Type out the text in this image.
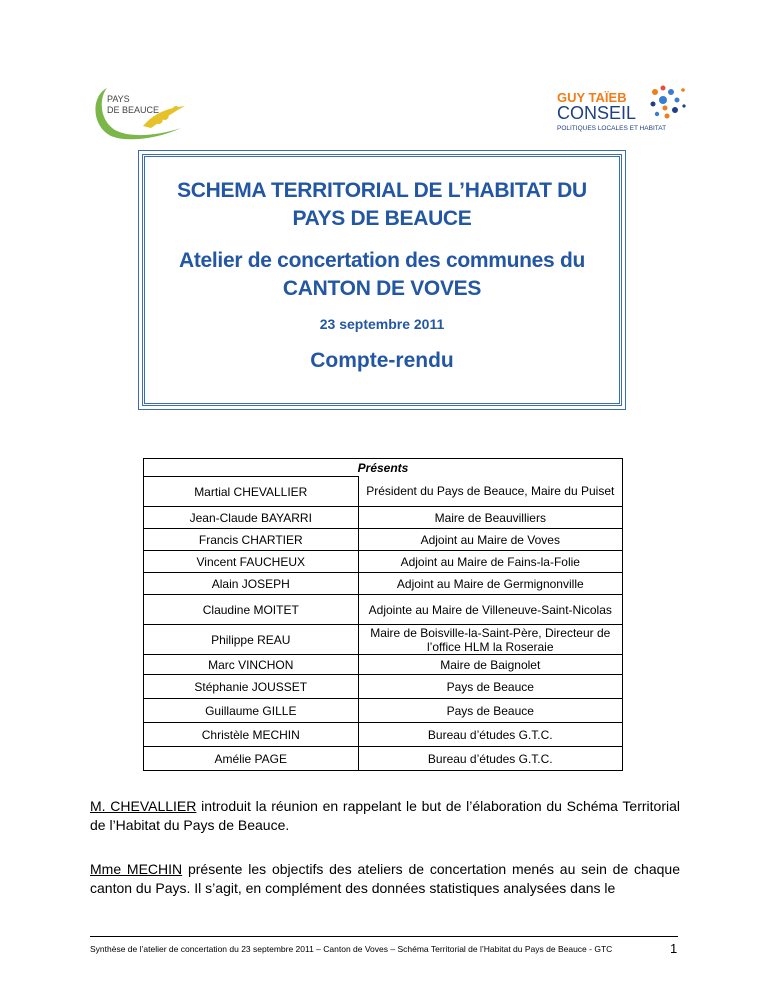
PAYS
DE BEAUCE
GUY TAÏEB
CONSEIL
POLITIQUES LOCALES ET HABITAT
SCHEMA TERRITORIAL DE L’HABITAT DU
PAYS DE BEAUCE
Atelier de concertation des communes du
CANTON DE VOVES
23 septembre 2011
Compte-rendu
Présents	
Martial CHEVALLIER	Président du Pays de Beauce, Maire du Puiset
Jean-Claude BAYARRI	Maire de Beauvilliers
Francis CHARTIER	Adjoint au Maire de Voves
Vincent FAUCHEUX	Adjoint au Maire de Fains-la-Folie
Alain JOSEPH	Adjoint au Maire de Germignonville
Claudine MOITET	Adjointe au Maire de Villeneuve-Saint-Nicolas
Philippe REAU	Maire de Boisville-la-Saint-Père, Directeur de l’office HLM la Roseraie
Marc VINCHON	Maire de Baignolet
Stéphanie JOUSSET	Pays de Beauce
Guillaume GILLE	Pays de Beauce
Christèle MECHIN	Bureau d’études G.T.C.
Amélie PAGE	Bureau d’études G.T.C.
M. CHEVALLIER introduit la réunion en rappelant le but de l’élaboration du Schéma Territorial de l’Habitat du Pays de Beauce.
Mme MECHIN présente les objectifs des ateliers de concertation menés au sein de chaque canton du Pays. Il s’agit, en complément des données statistiques analysées dans le
Synthèse de l’atelier de concertation du 23 septembre 2011 – Canton de Voves – Schéma Territorial de l’Habitat du Pays de Beauce - GTC	1
